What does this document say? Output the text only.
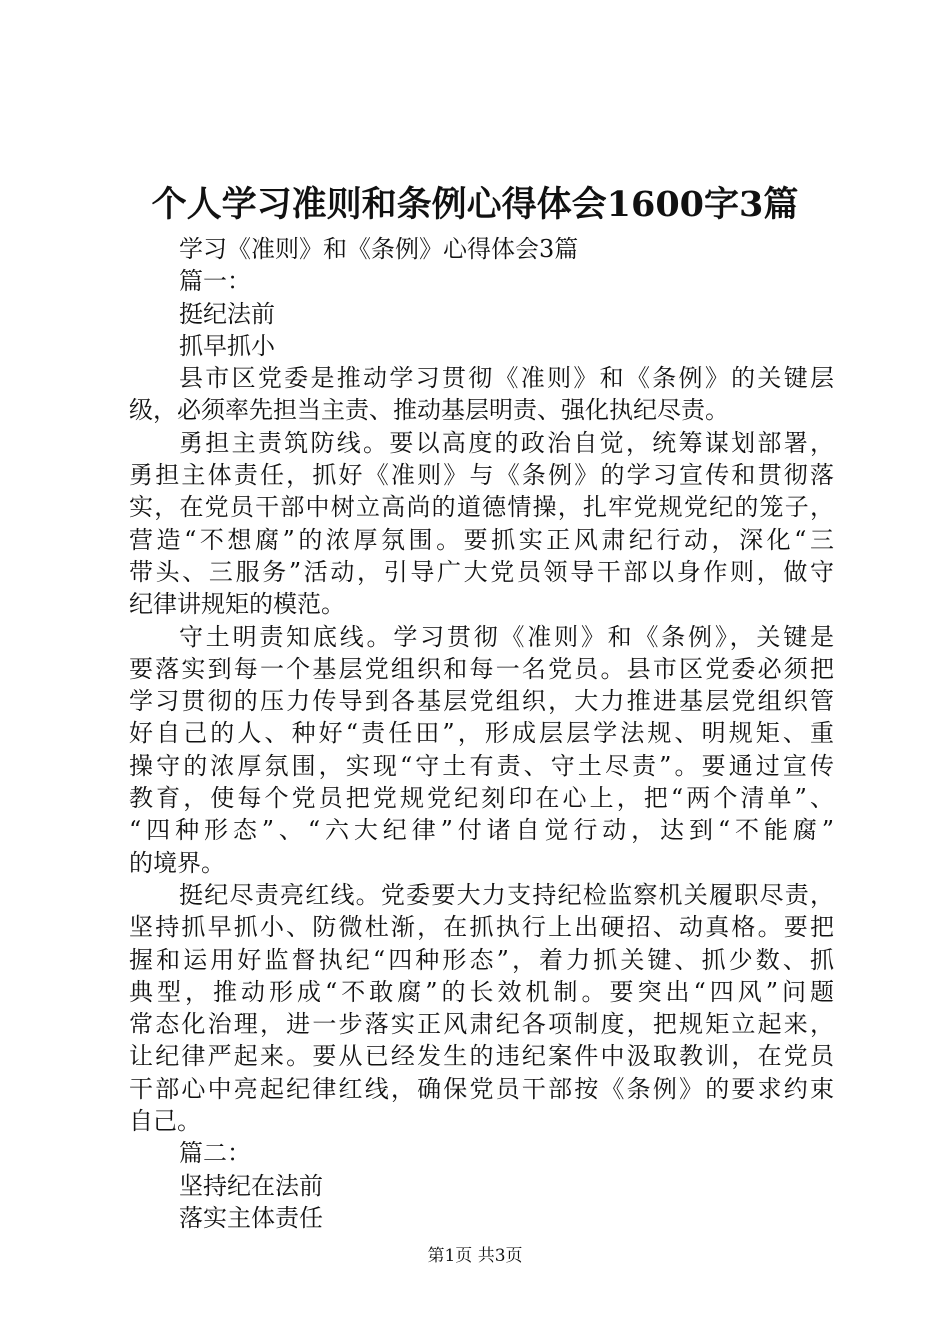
个人学习准则和条例心得体会1600字3篇
学习《准则》和《条例》心得体会3篇
篇一：
挺纪法前
抓早抓小
县市区党委是推动学习贯彻《准则》和《条例》的关键层
级，必须率先担当主责、推动基层明责、强化执纪尽责。
勇担主责筑防线。要以高度的政治自觉，统筹谋划部署，
勇担主体责任，抓好《准则》与《条例》的学习宣传和贯彻落
实，在党员干部中树立高尚的道德情操，扎牢党规党纪的笼子，
营造“不想腐”的浓厚氛围。要抓实正风肃纪行动，深化“三
带头、三服务”活动，引导广大党员领导干部以身作则，做守
纪律讲规矩的模范。
守土明责知底线。学习贯彻《准则》和《条例》，关键是
要落实到每一个基层党组织和每一名党员。县市区党委必须把
学习贯彻的压力传导到各基层党组织，大力推进基层党组织管
好自己的人、种好“责任田”，形成层层学法规、明规矩、重
操守的浓厚氛围，实现“守土有责、守土尽责”。要通过宣传
教育，使每个党员把党规党纪刻印在心上，把“两个清单”、
“四种形态”、“六大纪律”付诸自觉行动，达到“不能腐”
的境界。
挺纪尽责亮红线。党委要大力支持纪检监察机关履职尽责，
坚持抓早抓小、防微杜渐，在抓执行上出硬招、动真格。要把
握和运用好监督执纪“四种形态”，着力抓关键、抓少数、抓
典型，推动形成“不敢腐”的长效机制。要突出“四风”问题
常态化治理，进一步落实正风肃纪各项制度，把规矩立起来，
让纪律严起来。要从已经发生的违纪案件中汲取教训，在党员
干部心中亮起纪律红线，确保党员干部按《条例》的要求约束
自己。
篇二：
坚持纪在法前
落实主体责任
第1页 共3页
